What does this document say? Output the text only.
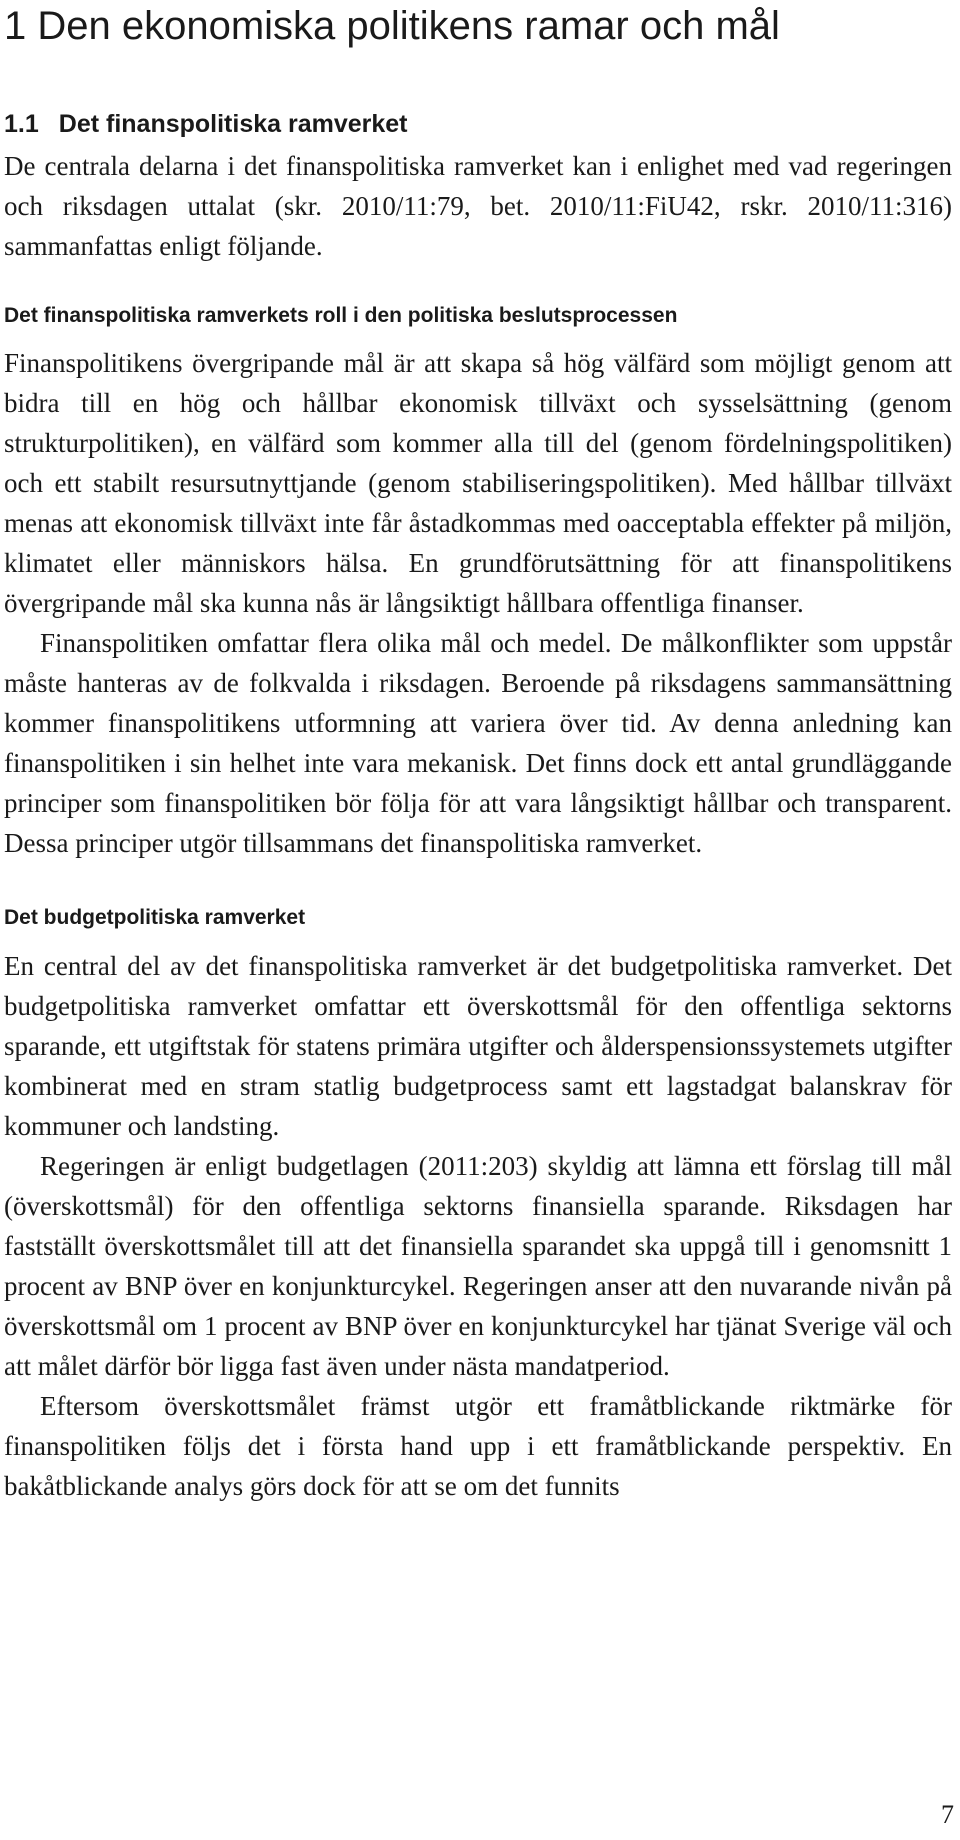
1 Den ekonomiska politikens ramar och mål
1.1 Det finanspolitiska ramverket

De centrala delarna i det finanspolitiska ramverket kan i enlighet med vad regeringen och riksdagen uttalat (skr. 2010/11:79, bet. 2010/11:FiU42, rskr. 2010/11:316) sammanfattas enligt följande.

Det finanspolitiska ramverkets roll i den politiska beslutsprocessen

Finanspolitikens övergripande mål är att skapa så hög välfärd som möjligt genom att bidra till en hög och hållbar ekonomisk tillväxt och sysselsättning (genom strukturpolitiken), en välfärd som kommer alla till del (genom fördelningspolitiken) och ett stabilt resursutnyttjande (genom stabiliseringspolitiken). Med hållbar tillväxt menas att ekonomisk tillväxt inte får åstadkommas med oacceptabla effekter på miljön, klimatet eller människors hälsa. En grundförutsättning för att finanspolitikens övergripande mål ska kunna nås är långsiktigt hållbara offentliga finanser.

Finanspolitiken omfattar flera olika mål och medel. De målkonflikter som uppstår måste hanteras av de folkvalda i riksdagen. Beroende på riksdagens sammansättning kommer finanspolitikens utformning att variera över tid. Av denna anledning kan finanspolitiken i sin helhet inte vara mekanisk. Det finns dock ett antal grundläggande principer som finanspolitiken bör följa för att vara långsiktigt hållbar och transparent. Dessa principer utgör tillsammans det finanspolitiska ramverket.

Det budgetpolitiska ramverket

En central del av det finanspolitiska ramverket är det budgetpolitiska ramverket. Det budgetpolitiska ramverket omfattar ett överskottsmål för den offentliga sektorns sparande, ett utgiftstak för statens primära utgifter och ålderspensionssystemets utgifter kombinerat med en stram statlig budgetprocess samt ett lagstadgat balanskrav för kommuner och landsting.

Regeringen är enligt budgetlagen (2011:203) skyldig att lämna ett förslag till mål (överskottsmål) för den offentliga sektorns finansiella sparande. Riksdagen har fastställt överskottsmålet till att det finansiella sparandet ska uppgå till i genomsnitt 1 procent av BNP över en konjunkturcykel. Regeringen anser att den nuvarande nivån på överskottsmål om 1 procent av BNP över en konjunkturcykel har tjänat Sverige väl och att målet därför bör ligga fast även under nästa mandatperiod.

Eftersom överskottsmålet främst utgör ett framåtblickande riktmärke för finanspolitiken följs det i första hand upp i ett framåtblickande perspektiv. En bakåtblickande analys görs dock för att se om det funnits

7
